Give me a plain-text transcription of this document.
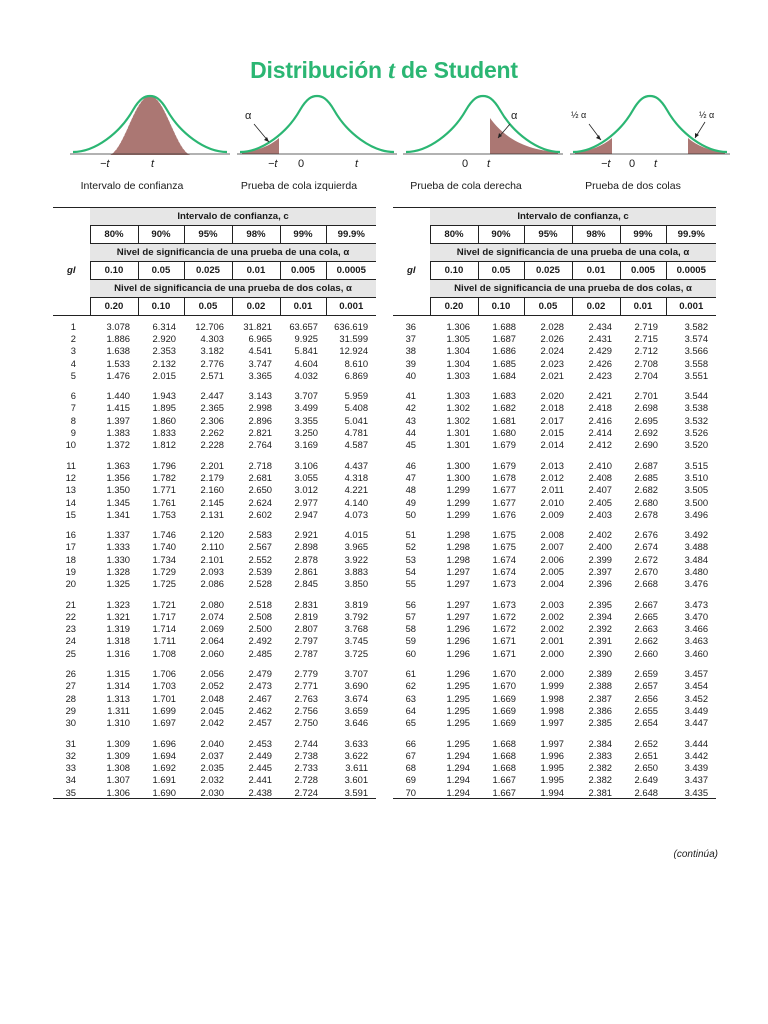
Distribución t de Student
−t	t
Intervalo de confianza
α
−t 0	t
Prueba de cola izquierda
α
0 t
Prueba de cola derecha
½ α	½ α
−t 0 t
Prueba de dos colas
	Intervalo de confianza, c					
	80%	90%	95%	98%	99%	99.9%
	Nivel de significancia de una prueba de una cola, α					
gl	0.10	0.05	0.025	0.01	0.005	0.0005
	Nivel de significancia de una prueba de dos colas, α					
	0.20	0.10	0.05	0.02	0.01	0.001

1	3.078	6.314	12.706	31.821	63.657	636.619
2	1.886	2.920	4.303	6.965	9.925	31.599
3	1.638	2.353	3.182	4.541	5.841	12.924
4	1.533	2.132	2.776	3.747	4.604	8.610
5	1.476	2.015	2.571	3.365	4.032	6.869

6	1.440	1.943	2.447	3.143	3.707	5.959
7	1.415	1.895	2.365	2.998	3.499	5.408
8	1.397	1.860	2.306	2.896	3.355	5.041
9	1.383	1.833	2.262	2.821	3.250	4.781
10	1.372	1.812	2.228	2.764	3.169	4.587

11	1.363	1.796	2.201	2.718	3.106	4.437
12	1.356	1.782	2.179	2.681	3.055	4.318
13	1.350	1.771	2.160	2.650	3.012	4.221
14	1.345	1.761	2.145	2.624	2.977	4.140
15	1.341	1.753	2.131	2.602	2.947	4.073

16	1.337	1.746	2.120	2.583	2.921	4.015
17	1.333	1.740	2.110	2.567	2.898	3.965
18	1.330	1.734	2.101	2.552	2.878	3.922
19	1.328	1.729	2.093	2.539	2.861	3.883
20	1.325	1.725	2.086	2.528	2.845	3.850

21	1.323	1.721	2.080	2.518	2.831	3.819
22	1.321	1.717	2.074	2.508	2.819	3.792
23	1.319	1.714	2.069	2.500	2.807	3.768
24	1.318	1.711	2.064	2.492	2.797	3.745
25	1.316	1.708	2.060	2.485	2.787	3.725

26	1.315	1.706	2.056	2.479	2.779	3.707
27	1.314	1.703	2.052	2.473	2.771	3.690
28	1.313	1.701	2.048	2.467	2.763	3.674
29	1.311	1.699	2.045	2.462	2.756	3.659
30	1.310	1.697	2.042	2.457	2.750	3.646

31	1.309	1.696	2.040	2.453	2.744	3.633
32	1.309	1.694	2.037	2.449	2.738	3.622
33	1.308	1.692	2.035	2.445	2.733	3.611
34	1.307	1.691	2.032	2.441	2.728	3.601
35	1.306	1.690	2.030	2.438	2.724	3.591
	Intervalo de confianza, c					
	80%	90%	95%	98%	99%	99.9%
	Nivel de significancia de una prueba de una cola, α					
gl	0.10	0.05	0.025	0.01	0.005	0.0005
	Nivel de significancia de una prueba de dos colas, α					
	0.20	0.10	0.05	0.02	0.01	0.001

36	1.306	1.688	2.028	2.434	2.719	3.582
37	1.305	1.687	2.026	2.431	2.715	3.574
38	1.304	1.686	2.024	2.429	2.712	3.566
39	1.304	1.685	2.023	2.426	2.708	3.558
40	1.303	1.684	2.021	2.423	2.704	3.551

41	1.303	1.683	2.020	2.421	2.701	3.544
42	1.302	1.682	2.018	2.418	2.698	3.538
43	1.302	1.681	2.017	2.416	2.695	3.532
44	1.301	1.680	2.015	2.414	2.692	3.526
45	1.301	1.679	2.014	2.412	2.690	3.520

46	1.300	1.679	2.013	2.410	2.687	3.515
47	1.300	1.678	2.012	2.408	2.685	3.510
48	1.299	1.677	2.011	2.407	2.682	3.505
49	1.299	1.677	2.010	2.405	2.680	3.500
50	1.299	1.676	2.009	2.403	2.678	3.496

51	1.298	1.675	2.008	2.402	2.676	3.492
52	1.298	1.675	2.007	2.400	2.674	3.488
53	1.298	1.674	2.006	2.399	2.672	3.484
54	1.297	1.674	2.005	2.397	2.670	3.480
55	1.297	1.673	2.004	2.396	2.668	3.476

56	1.297	1.673	2.003	2.395	2.667	3.473
57	1.297	1.672	2.002	2.394	2.665	3.470
58	1.296	1.672	2.002	2.392	2.663	3.466
59	1.296	1.671	2.001	2.391	2.662	3.463
60	1.296	1.671	2.000	2.390	2.660	3.460

61	1.296	1.670	2.000	2.389	2.659	3.457
62	1.295	1.670	1.999	2.388	2.657	3.454
63	1.295	1.669	1.998	2.387	2.656	3.452
64	1.295	1.669	1.998	2.386	2.655	3.449
65	1.295	1.669	1.997	2.385	2.654	3.447

66	1.295	1.668	1.997	2.384	2.652	3.444
67	1.294	1.668	1.996	2.383	2.651	3.442
68	1.294	1.668	1.995	2.382	2.650	3.439
69	1.294	1.667	1.995	2.382	2.649	3.437
70	1.294	1.667	1.994	2.381	2.648	3.435
(continúa)
